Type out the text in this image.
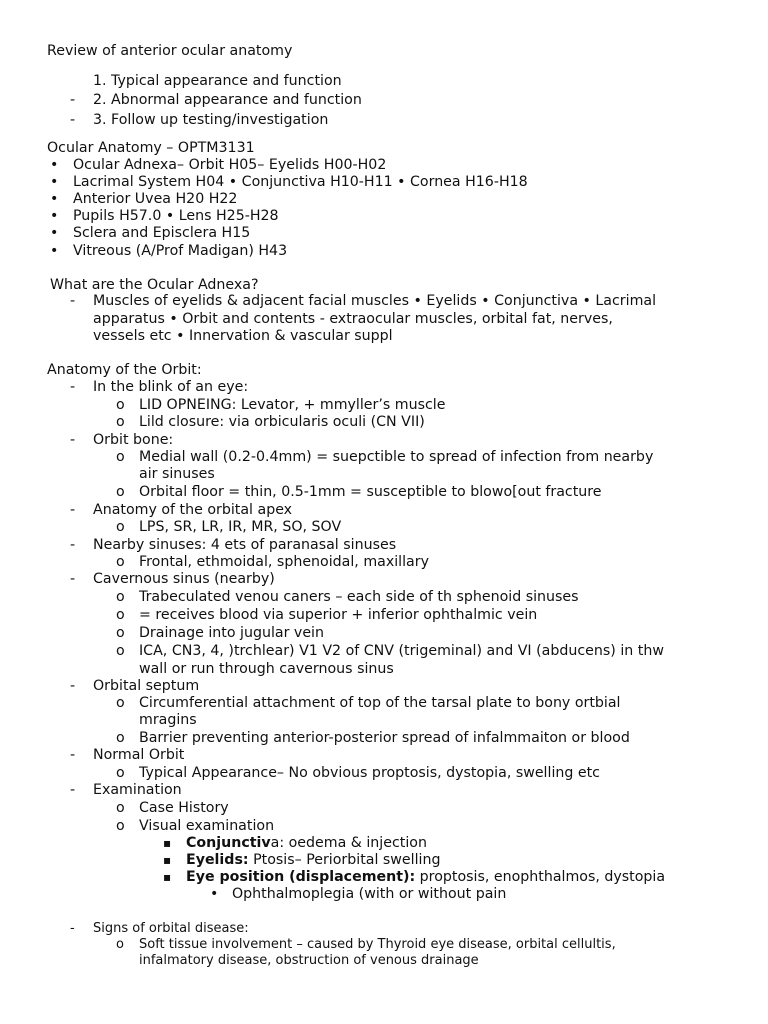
Review of anterior ocular anatomy
1. Typical appearance and function
- 2. Abnormal appearance and function
- 3. Follow up testing/investigation
Ocular Anatomy – OPTM3131
• Ocular Adnexa– Orbit H05– Eyelids H00-H02
• Lacrimal System H04 • Conjunctiva H10-H11 • Cornea H16-H18
• Anterior Uvea H20 H22
• Pupils H57.0 • Lens H25-H28
• Sclera and Episclera H15
• Vitreous (A/Prof Madigan) H43
What are the Ocular Adnexa?
- Muscles of eyelids & adjacent facial muscles • Eyelids • Conjunctiva • Lacrimal
apparatus • Orbit and contents - extraocular muscles, orbital fat, nerves,
vessels etc • Innervation & vascular suppl
Anatomy of the Orbit:
- In the blink of an eye:
o LID OPNEING: Levator, + mmyller’s muscle
o Lild closure: via orbicularis oculi (CN VII)
- Orbit bone:
o Medial wall (0.2-0.4mm) = suepctible to spread of infection from nearby
air sinuses
o Orbital floor = thin, 0.5-1mm = susceptible to blowo[out fracture
- Anatomy of the orbital apex
o LPS, SR, LR, IR, MR, SO, SOV
- Nearby sinuses: 4 ets of paranasal sinuses
o Frontal, ethmoidal, sphenoidal, maxillary
- Cavernous sinus (nearby)
o Trabeculated venou caners – each side of th sphenoid sinuses
o = receives blood via superior + inferior ophthalmic vein
o Drainage into jugular vein
o ICA, CN3, 4, )trchlear) V1 V2 of CNV (trigeminal) and VI (abducens) in thw
wall or run through cavernous sinus
- Orbital septum
o Circumferential attachment of top of the tarsal plate to bony ortbial
mragins
o Barrier preventing anterior-posterior spread of infalmmaiton or blood
- Normal Orbit
o Typical Appearance– No obvious proptosis, dystopia, swelling etc
- Examination
o Case History
o Visual examination
▪ Conjunctiva: oedema & injection
▪ Eyelids: Ptosis– Periorbital swelling
▪ Eye position (displacement): proptosis, enophthalmos, dystopia
• Ophthalmoplegia (with or without pain
- Signs of orbital disease:
o Soft tissue involvement – caused by Thyroid eye disease, orbital cellultis,
infalmatory disease, obstruction of venous drainage
